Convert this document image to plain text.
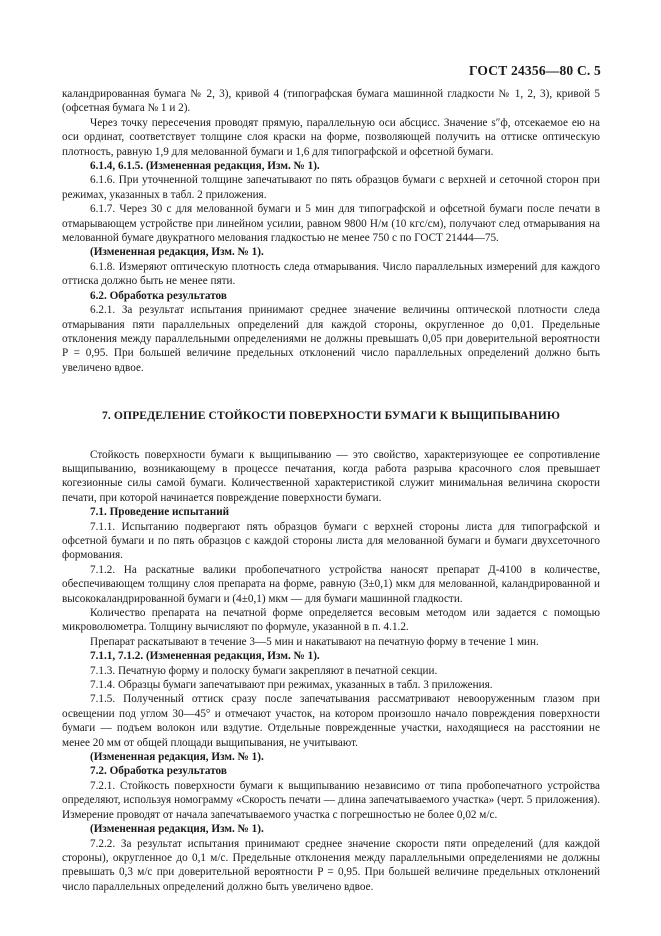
ГОСТ 24356—80 С. 5

каландрированная бумага № 2, 3), кривой 4 (типографская бумага машинной гладкости № 1, 2, 3), кривой 5 (офсетная бумага № 1 и 2).

Через точку пересечения проводят прямую, параллельную оси абсцисс. Значение s″ф, отсекаемое ею на оси ординат, соответствует толщине слоя краски на форме, позволяющей получить на оттиске оптическую плотность, равную 1,9 для мелованной бумаги и 1,6 для типографской и офсетной бумаги.

6.1.4, 6.1.5. (Измененная редакция, Изм. № 1).

6.1.6. При уточненной толщине запечатывают по пять образцов бумаги с верхней и сеточной сторон при режимах, указанных в табл. 2 приложения.

6.1.7. Через 30 с для мелованной бумаги и 5 мин для типографской и офсетной бумаги после печати в отмарывающем устройстве при линейном усилии, равном 9800 Н/м (10 кгс/см), получают след отмарывания на мелованной бумаге двукратного мелования гладкостью не менее 750 с по ГОСТ 21444—75.

(Измененная редакция, Изм. № 1).

6.1.8. Измеряют оптическую плотность следа отмарывания. Число параллельных измерений для каждого оттиска должно быть не менее пяти.

6.2. Обработка результатов

6.2.1. За результат испытания принимают среднее значение величины оптической плотности следа отмарывания пяти параллельных определений для каждой стороны, округленное до 0,01. Предельные отклонения между параллельными определениями не должны превышать 0,05 при доверительной вероятности P = 0,95. При большей величине предельных отклонений число параллельных определений должно быть увеличено вдвое.

7. ОПРЕДЕЛЕНИЕ СТОЙКОСТИ ПОВЕРХНОСТИ БУМАГИ К ВЫЩИПЫВАНИЮ

Стойкость поверхности бумаги к выщипыванию — это свойство, характеризующее ее сопротивление выщипыванию, возникающему в процессе печатания, когда работа разрыва красочного слоя превышает когезионные силы самой бумаги. Количественной характеристикой служит минимальная величина скорости печати, при которой начинается повреждение поверхности бумаги.

7.1. Проведение испытаний

7.1.1. Испытанию подвергают пять образцов бумаги с верхней стороны листа для типографской и офсетной бумаги и по пять образцов с каждой стороны листа для мелованной бумаги и бумаги двухсеточного формования.

7.1.2. На раскатные валики пробопечатного устройства наносят препарат Д-4100 в количестве, обеспечивающем толщину слоя препарата на форме, равную (3±0,1) мкм для мелованной, каландрированной и высококаландрированной бумаги и (4±0,1) мкм — для бумаги машинной гладкости.

Количество препарата на печатной форме определяется весовым методом или задается с помощью микроволюметра. Толщину вычисляют по формуле, указанной в п. 4.1.2.

Препарат раскатывают в течение 3—5 мин и накатывают на печатную форму в течение 1 мин.

7.1.1, 7.1.2. (Измененная редакция, Изм. № 1).

7.1.3. Печатную форму и полоску бумаги закрепляют в печатной секции.

7.1.4. Образцы бумаги запечатывают при режимах, указанных в табл. 3 приложения.

7.1.5. Полученный оттиск сразу после запечатывания рассматривают невооруженным глазом при освещении под углом 30—45° и отмечают участок, на котором произошло начало повреждения поверхности бумаги — подъем волокон или вздутие. Отдельные поврежденные участки, находящиеся на расстоянии не менее 20 мм от общей площади выщипывания, не учитывают.

(Измененная редакция, Изм. № 1).

7.2. Обработка результатов

7.2.1. Стойкость поверхности бумаги к выщипыванию независимо от типа пробопечатного устройства определяют, используя номограмму «Скорость печати — длина запечатываемого участка» (черт. 5 приложения). Измерение проводят от начала запечатываемого участка с погрешностью не более 0,02 м/с.

(Измененная редакция, Изм. № 1).

7.2.2. За результат испытания принимают среднее значение скорости пяти определений (для каждой стороны), округленное до 0,1 м/с. Предельные отклонения между параллельными определениями не должны превышать 0,3 м/с при доверительной вероятности P = 0,95. При большей величине предельных отклонений число параллельных определений должно быть увеличено вдвое.
